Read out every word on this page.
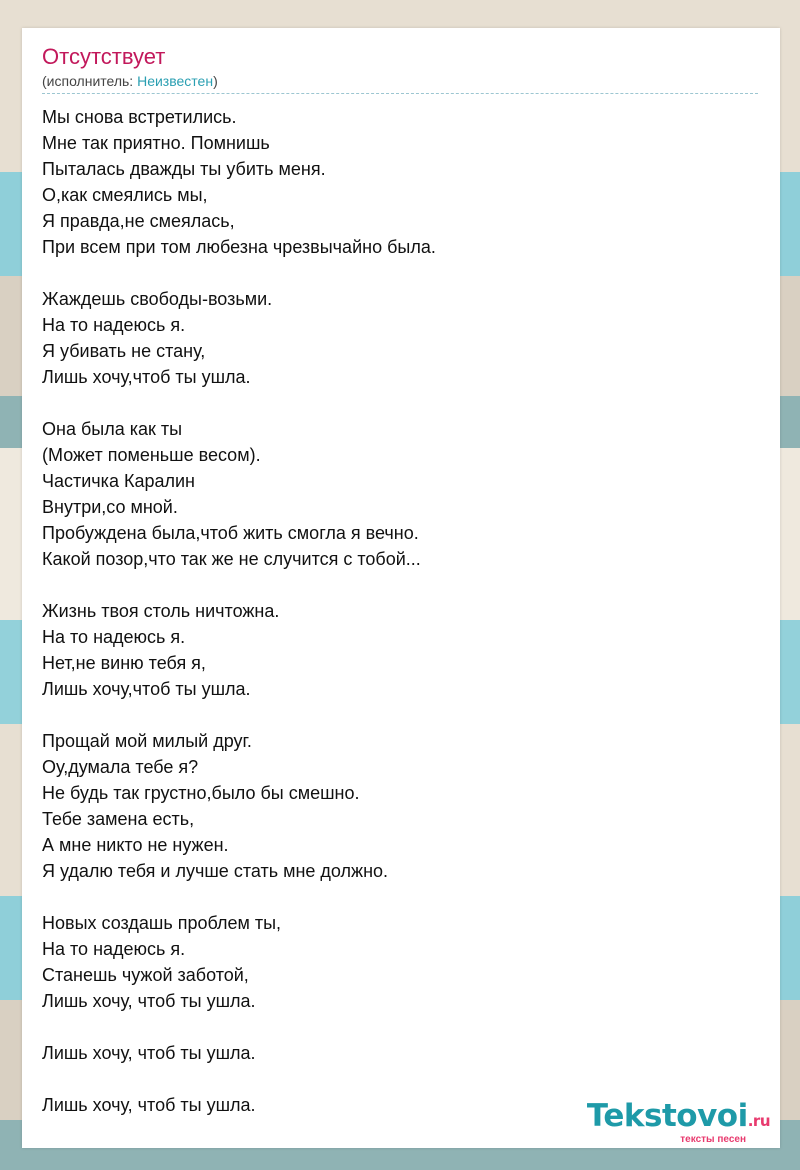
Отсутствует
(исполнитель: Неизвестен)
Мы снова встретились.
Мне так приятно. Помнишь
Пыталась дважды ты убить меня.
О,как смеялись мы,
Я правда,не смеялась,
При всем при том любезна чрезвычайно была.
Жаждешь свободы-возьми.
На то надеюсь я.
Я убивать не стану,
Лишь хочу,чтоб ты ушла.
Она была как ты
(Может поменьше весом).
Частичка Каралин
Внутри,со мной.
Пробуждена была,чтоб жить смогла я вечно.
Какой позор,что так же не случится с тобой...
Жизнь твоя столь ничтожна.
На то надеюсь я.
Нет,не виню тебя я,
Лишь хочу,чтоб ты ушла.
Прощай мой милый друг.
Оу,думала тебе я?
Не будь так грустно,было бы смешно.
Тебе замена есть,
А мне никто не нужен.
Я удалю тебя и лучше стать мне должно.
Новых создашь проблем ты,
На то надеюсь я.
Станешь чужой заботой,
Лишь хочу, чтоб ты ушла.
Лишь хочу, чтоб ты ушла.
Лишь хочу, чтоб ты ушла.	Tekstovoi.ru
тексты песен
